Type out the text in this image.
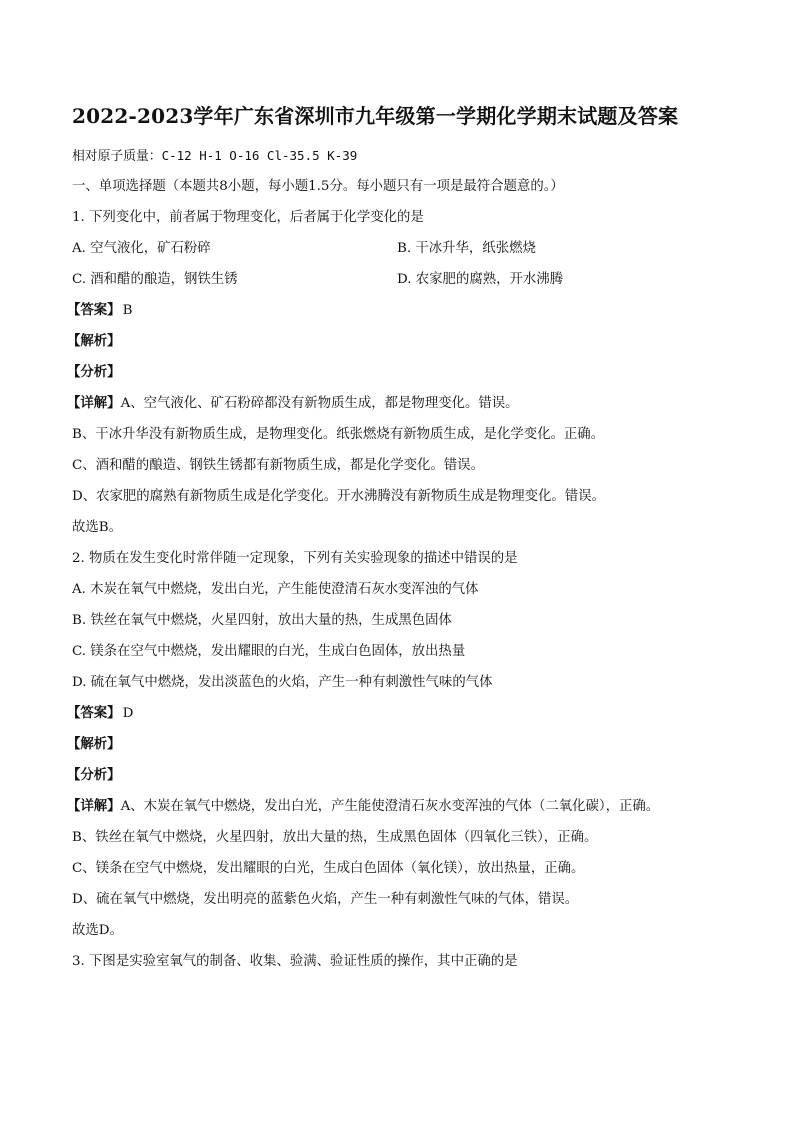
2022-2023学年广东省深圳市九年级第一学期化学期末试题及答案
相对原子质量：C-12 H-1 O-16 Cl-35.5 K-39
一、单项选择题（本题共8小题，每小题1.5分。每小题只有一项是最符合题意的。）
1. 下列变化中，前者属于物理变化，后者属于化学变化的是
A. 空气液化，矿石粉碎	B. 干冰升华，纸张燃烧
C. 酒和醋的酿造，钢铁生锈	D. 农家肥的腐熟，开水沸腾
【答案】 B
【解析】
【分析】
【详解】A、空气液化、矿石粉碎都没有新物质生成，都是物理变化。错误。
B、干冰升华没有新物质生成，是物理变化。纸张燃烧有新物质生成，是化学变化。正确。
C、酒和醋的酿造、钢铁生锈都有新物质生成，都是化学变化。错误。
D、农家肥的腐熟有新物质生成是化学变化。开水沸腾没有新物质生成是物理变化。错误。
故选B。
2. 物质在发生变化时常伴随一定现象，下列有关实验现象的描述中错误的是
A. 木炭在氧气中燃烧，发出白光，产生能使澄清石灰水变浑浊的气体
B. 铁丝在氧气中燃烧，火星四射，放出大量的热，生成黑色固体
C. 镁条在空气中燃烧，发出耀眼的白光，生成白色固体，放出热量
D. 硫在氧气中燃烧，发出淡蓝色的火焰，产生一种有刺激性气味的气体
【答案】 D
【解析】
【分析】
【详解】A、木炭在氧气中燃烧，发出白光，产生能使澄清石灰水变浑浊的气体（二氧化碳），正确。
B、铁丝在氧气中燃烧，火星四射，放出大量的热，生成黑色固体（四氧化三铁），正确。
C、镁条在空气中燃烧，发出耀眼的白光，生成白色固体（氧化镁），放出热量，正确。
D、硫在氧气中燃烧，发出明亮的蓝紫色火焰，产生一种有刺激性气味的气体，错误。
故选D。
3. 下图是实验室氧气的制备、收集、验满、验证性质的操作，其中正确的是
